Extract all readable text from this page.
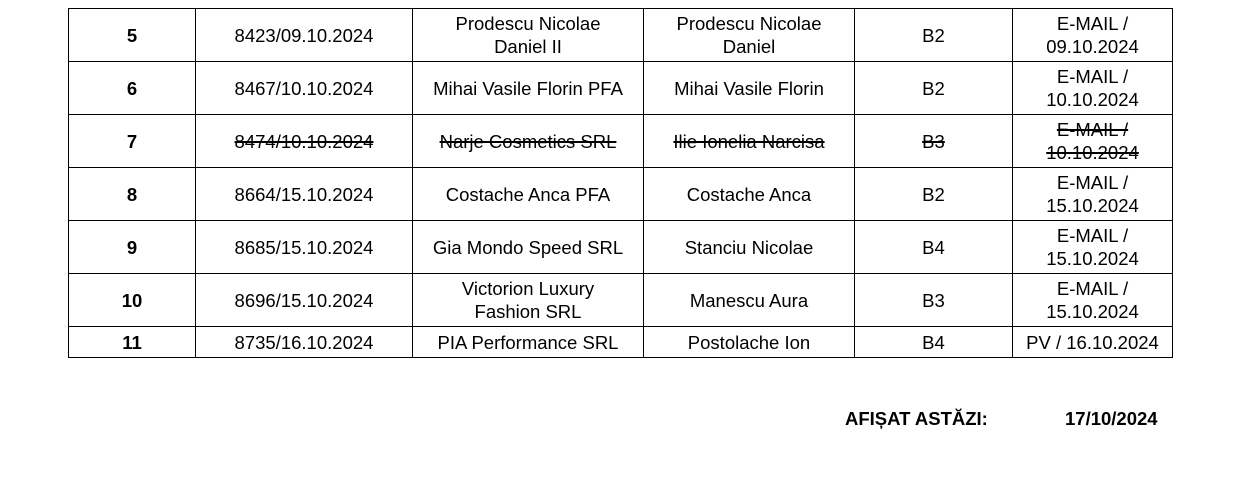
5	8423/09.10.2024	Prodescu Nicolae Daniel II	Prodescu Nicolae Daniel	B2	E-MAIL / 09.10.2024
6	8467/10.10.2024	Mihai Vasile Florin PFA	Mihai Vasile Florin	B2	E-MAIL / 10.10.2024
7	8474/10.10.2024	Narje Cosmetics SRL	Ilie Ionelia Narcisa	B3	E-MAIL / 10.10.2024
8	8664/15.10.2024	Costache Anca PFA	Costache Anca	B2	E-MAIL / 15.10.2024
9	8685/15.10.2024	Gia Mondo Speed SRL	Stanciu Nicolae	B4	E-MAIL / 15.10.2024
10	8696/15.10.2024	Victorion Luxury Fashion SRL	Manescu Aura	B3	E-MAIL / 15.10.2024
11	8735/16.10.2024	PIA Performance SRL	Postolache Ion	B4	PV / 16.10.2024
AFIȘAT ASTĂZI:	17/10/2024
